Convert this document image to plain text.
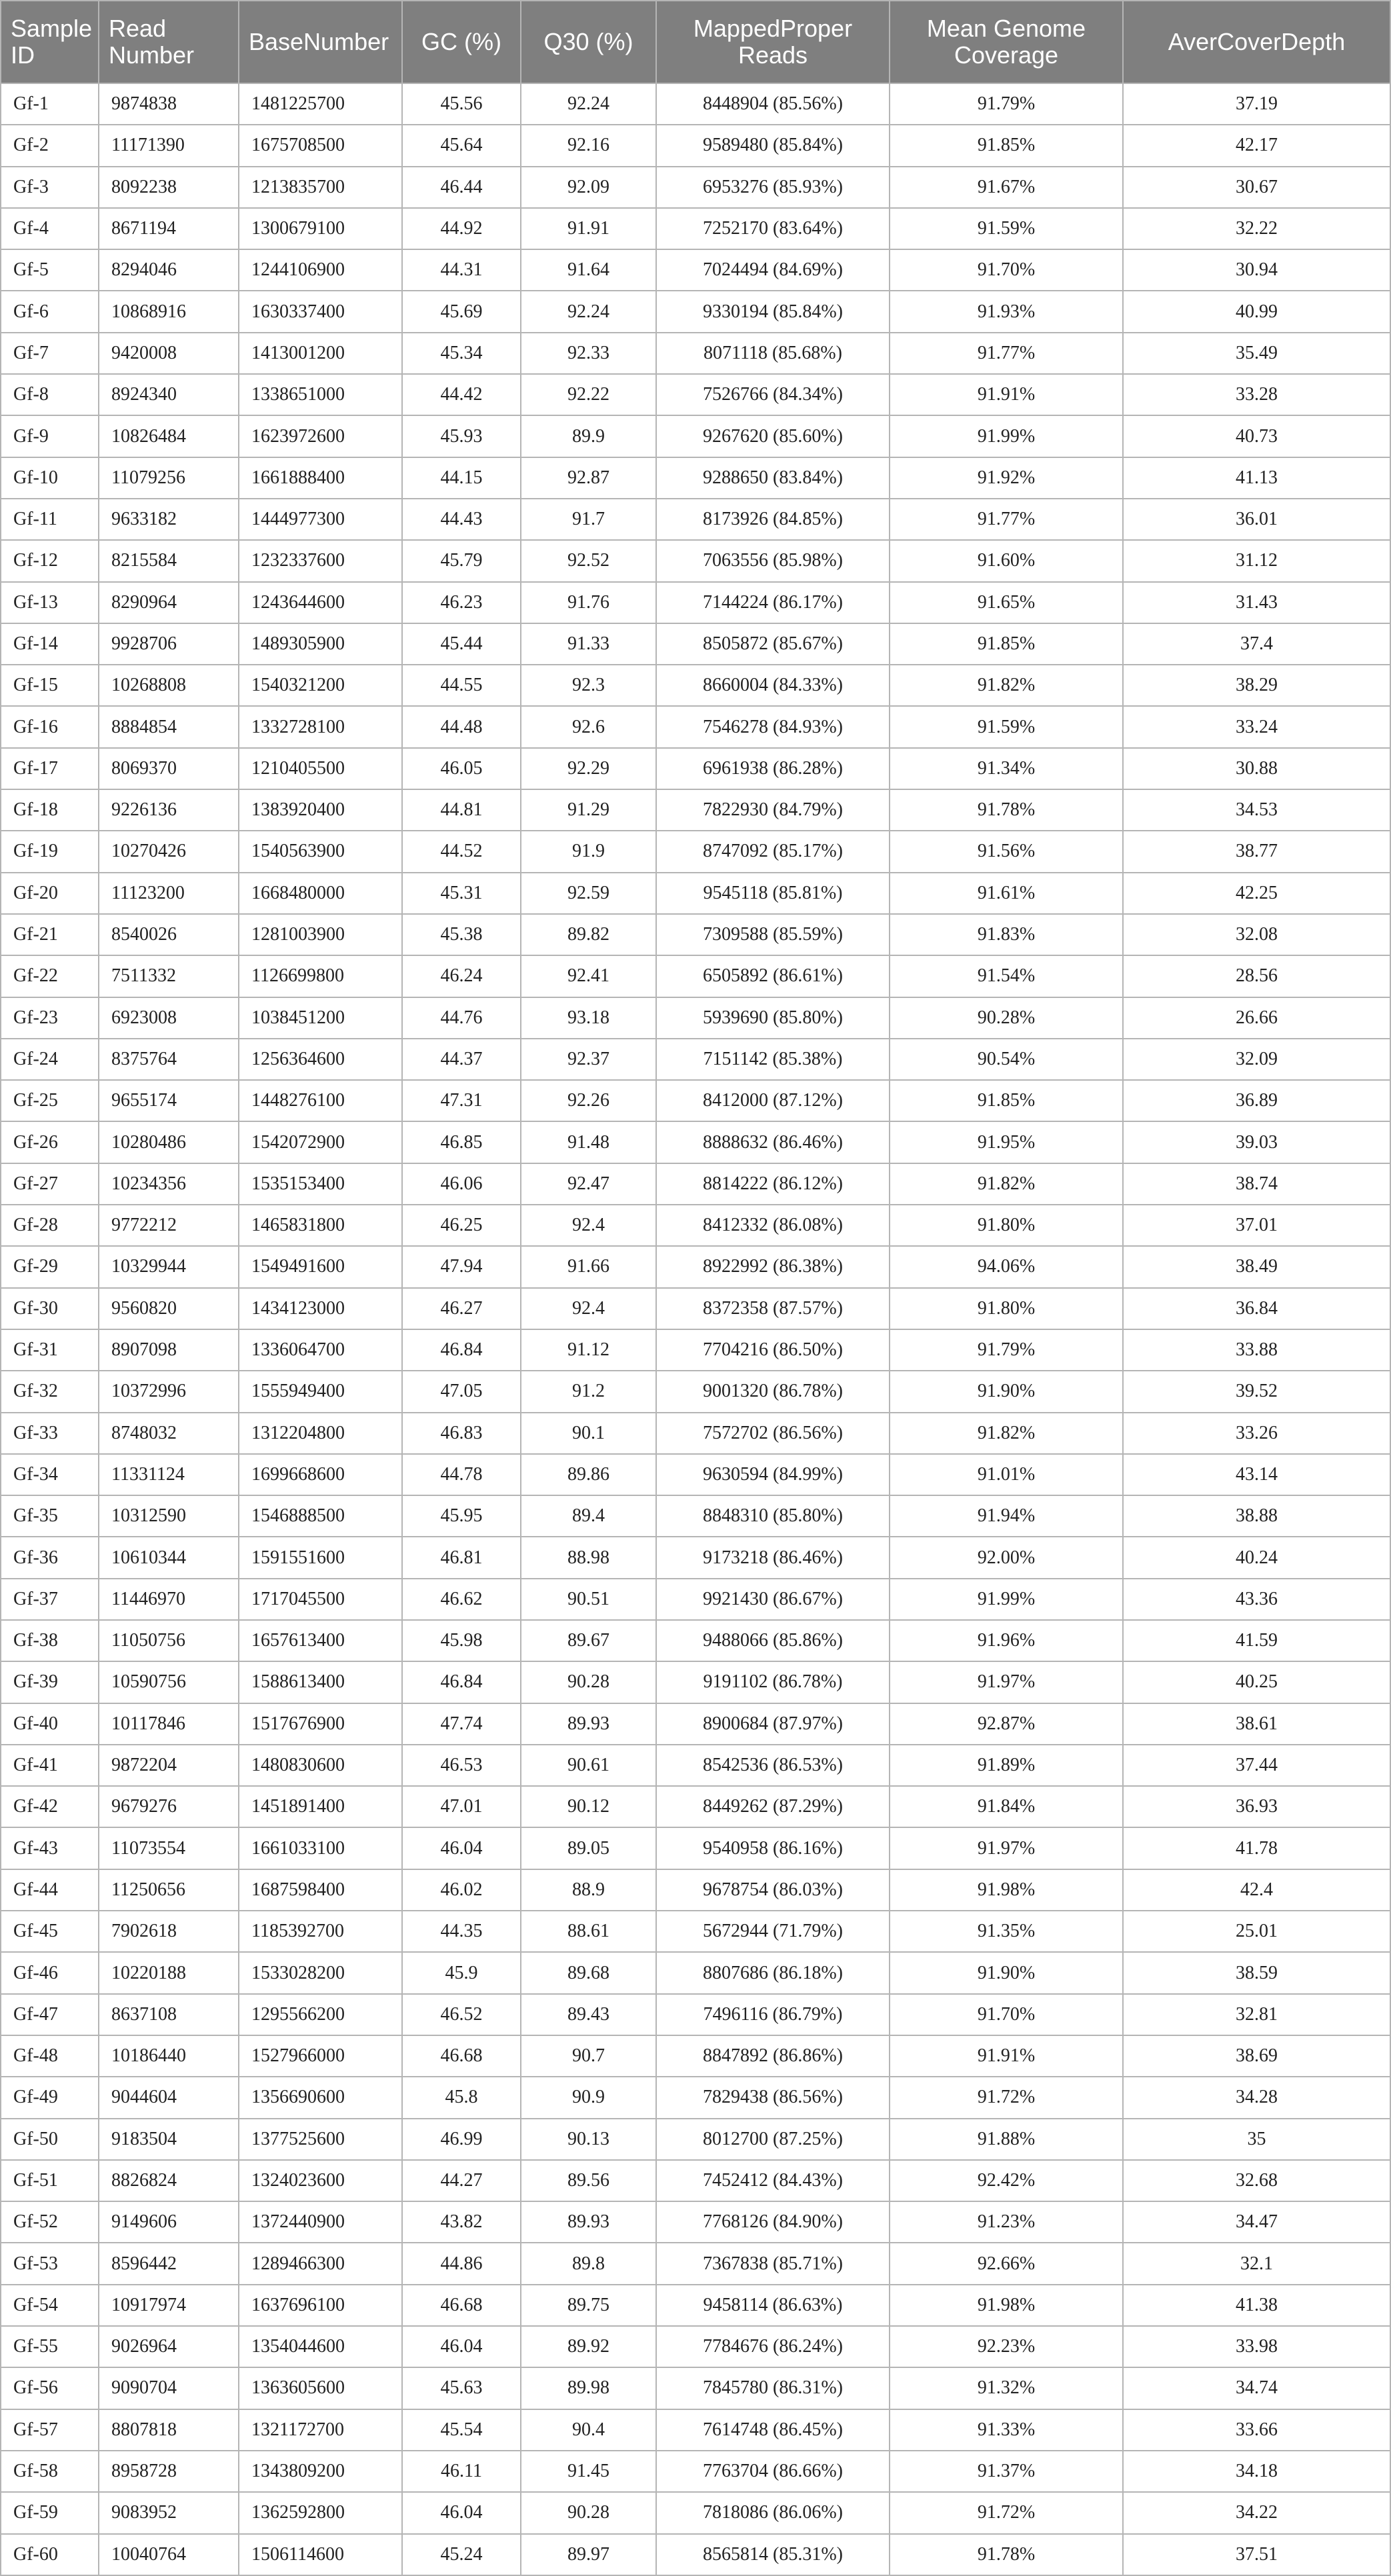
Sample ID	Read Number	BaseNumber	GC (%)	Q30 (%)	MappedProper Reads	Mean Genome Coverage	AverCoverDepth
Gf-1	9874838	1481225700	45.56	92.24	8448904 (85.56%)	91.79%	37.19
Gf-2	11171390	1675708500	45.64	92.16	9589480 (85.84%)	91.85%	42.17
Gf-3	8092238	1213835700	46.44	92.09	6953276 (85.93%)	91.67%	30.67
Gf-4	8671194	1300679100	44.92	91.91	7252170 (83.64%)	91.59%	32.22
Gf-5	8294046	1244106900	44.31	91.64	7024494 (84.69%)	91.70%	30.94
Gf-6	10868916	1630337400	45.69	92.24	9330194 (85.84%)	91.93%	40.99
Gf-7	9420008	1413001200	45.34	92.33	8071118 (85.68%)	91.77%	35.49
Gf-8	8924340	1338651000	44.42	92.22	7526766 (84.34%)	91.91%	33.28
Gf-9	10826484	1623972600	45.93	89.9	9267620 (85.60%)	91.99%	40.73
Gf-10	11079256	1661888400	44.15	92.87	9288650 (83.84%)	91.92%	41.13
Gf-11	9633182	1444977300	44.43	91.7	8173926 (84.85%)	91.77%	36.01
Gf-12	8215584	1232337600	45.79	92.52	7063556 (85.98%)	91.60%	31.12
Gf-13	8290964	1243644600	46.23	91.76	7144224 (86.17%)	91.65%	31.43
Gf-14	9928706	1489305900	45.44	91.33	8505872 (85.67%)	91.85%	37.4
Gf-15	10268808	1540321200	44.55	92.3	8660004 (84.33%)	91.82%	38.29
Gf-16	8884854	1332728100	44.48	92.6	7546278 (84.93%)	91.59%	33.24
Gf-17	8069370	1210405500	46.05	92.29	6961938 (86.28%)	91.34%	30.88
Gf-18	9226136	1383920400	44.81	91.29	7822930 (84.79%)	91.78%	34.53
Gf-19	10270426	1540563900	44.52	91.9	8747092 (85.17%)	91.56%	38.77
Gf-20	11123200	1668480000	45.31	92.59	9545118 (85.81%)	91.61%	42.25
Gf-21	8540026	1281003900	45.38	89.82	7309588 (85.59%)	91.83%	32.08
Gf-22	7511332	1126699800	46.24	92.41	6505892 (86.61%)	91.54%	28.56
Gf-23	6923008	1038451200	44.76	93.18	5939690 (85.80%)	90.28%	26.66
Gf-24	8375764	1256364600	44.37	92.37	7151142 (85.38%)	90.54%	32.09
Gf-25	9655174	1448276100	47.31	92.26	8412000 (87.12%)	91.85%	36.89
Gf-26	10280486	1542072900	46.85	91.48	8888632 (86.46%)	91.95%	39.03
Gf-27	10234356	1535153400	46.06	92.47	8814222 (86.12%)	91.82%	38.74
Gf-28	9772212	1465831800	46.25	92.4	8412332 (86.08%)	91.80%	37.01
Gf-29	10329944	1549491600	47.94	91.66	8922992 (86.38%)	94.06%	38.49
Gf-30	9560820	1434123000	46.27	92.4	8372358 (87.57%)	91.80%	36.84
Gf-31	8907098	1336064700	46.84	91.12	7704216 (86.50%)	91.79%	33.88
Gf-32	10372996	1555949400	47.05	91.2	9001320 (86.78%)	91.90%	39.52
Gf-33	8748032	1312204800	46.83	90.1	7572702 (86.56%)	91.82%	33.26
Gf-34	11331124	1699668600	44.78	89.86	9630594 (84.99%)	91.01%	43.14
Gf-35	10312590	1546888500	45.95	89.4	8848310 (85.80%)	91.94%	38.88
Gf-36	10610344	1591551600	46.81	88.98	9173218 (86.46%)	92.00%	40.24
Gf-37	11446970	1717045500	46.62	90.51	9921430 (86.67%)	91.99%	43.36
Gf-38	11050756	1657613400	45.98	89.67	9488066 (85.86%)	91.96%	41.59
Gf-39	10590756	1588613400	46.84	90.28	9191102 (86.78%)	91.97%	40.25
Gf-40	10117846	1517676900	47.74	89.93	8900684 (87.97%)	92.87%	38.61
Gf-41	9872204	1480830600	46.53	90.61	8542536 (86.53%)	91.89%	37.44
Gf-42	9679276	1451891400	47.01	90.12	8449262 (87.29%)	91.84%	36.93
Gf-43	11073554	1661033100	46.04	89.05	9540958 (86.16%)	91.97%	41.78
Gf-44	11250656	1687598400	46.02	88.9	9678754 (86.03%)	91.98%	42.4
Gf-45	7902618	1185392700	44.35	88.61	5672944 (71.79%)	91.35%	25.01
Gf-46	10220188	1533028200	45.9	89.68	8807686 (86.18%)	91.90%	38.59
Gf-47	8637108	1295566200	46.52	89.43	7496116 (86.79%)	91.70%	32.81
Gf-48	10186440	1527966000	46.68	90.7	8847892 (86.86%)	91.91%	38.69
Gf-49	9044604	1356690600	45.8	90.9	7829438 (86.56%)	91.72%	34.28
Gf-50	9183504	1377525600	46.99	90.13	8012700 (87.25%)	91.88%	35
Gf-51	8826824	1324023600	44.27	89.56	7452412 (84.43%)	92.42%	32.68
Gf-52	9149606	1372440900	43.82	89.93	7768126 (84.90%)	91.23%	34.47
Gf-53	8596442	1289466300	44.86	89.8	7367838 (85.71%)	92.66%	32.1
Gf-54	10917974	1637696100	46.68	89.75	9458114 (86.63%)	91.98%	41.38
Gf-55	9026964	1354044600	46.04	89.92	7784676 (86.24%)	92.23%	33.98
Gf-56	9090704	1363605600	45.63	89.98	7845780 (86.31%)	91.32%	34.74
Gf-57	8807818	1321172700	45.54	90.4	7614748 (86.45%)	91.33%	33.66
Gf-58	8958728	1343809200	46.11	91.45	7763704 (86.66%)	91.37%	34.18
Gf-59	9083952	1362592800	46.04	90.28	7818086 (86.06%)	91.72%	34.22
Gf-60	10040764	1506114600	45.24	89.97	8565814 (85.31%)	91.78%	37.51
